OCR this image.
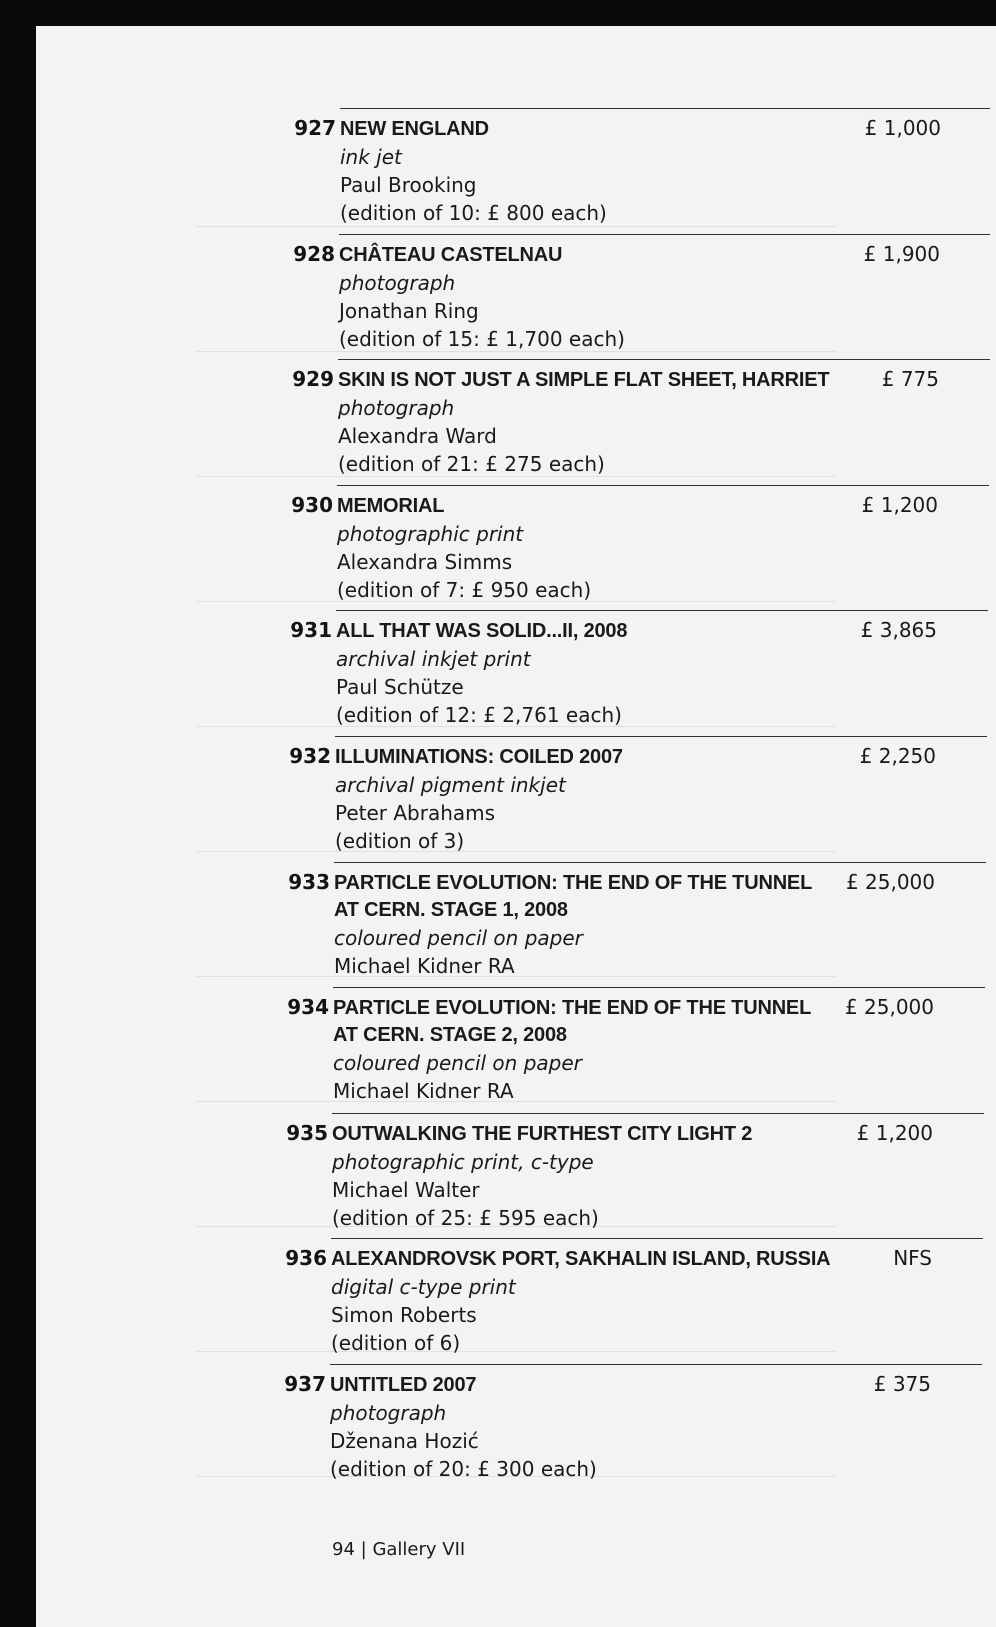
927 NEW ENGLAND
ink jet
Paul Brooking
(edition of 10: £ 800 each)
£ 1,000
928 CHÂTEAU CASTELNAU
photograph
Jonathan Ring
(edition of 15: £ 1,700 each)
£ 1,900
929 SKIN IS NOT JUST A SIMPLE FLAT SHEET, HARRIET
photograph
Alexandra Ward
(edition of 21: £ 275 each)
£ 775
930 MEMORIAL
photographic print
Alexandra Simms
(edition of 7: £ 950 each)
£ 1,200
931 ALL THAT WAS SOLID...II, 2008
archival inkjet print
Paul Schütze
(edition of 12: £ 2,761 each)
£ 3,865
932 ILLUMINATIONS: COILED 2007
archival pigment inkjet
Peter Abrahams
(edition of 3)
£ 2,250
933 PARTICLE EVOLUTION: THE END OF THE TUNNEL
AT CERN. STAGE 1, 2008
coloured pencil on paper
Michael Kidner RA
£ 25,000
934 PARTICLE EVOLUTION: THE END OF THE TUNNEL
AT CERN. STAGE 2, 2008
coloured pencil on paper
Michael Kidner RA
£ 25,000
935 OUTWALKING THE FURTHEST CITY LIGHT 2
photographic print, c-type
Michael Walter
(edition of 25: £ 595 each)
£ 1,200
936 ALEXANDROVSK PORT, SAKHALIN ISLAND, RUSSIA
digital c-type print
Simon Roberts
(edition of 6)
NFS
937 UNTITLED 2007
photograph
Dženana Hozić
(edition of 20: £ 300 each)
£ 375
94 | Gallery VII
